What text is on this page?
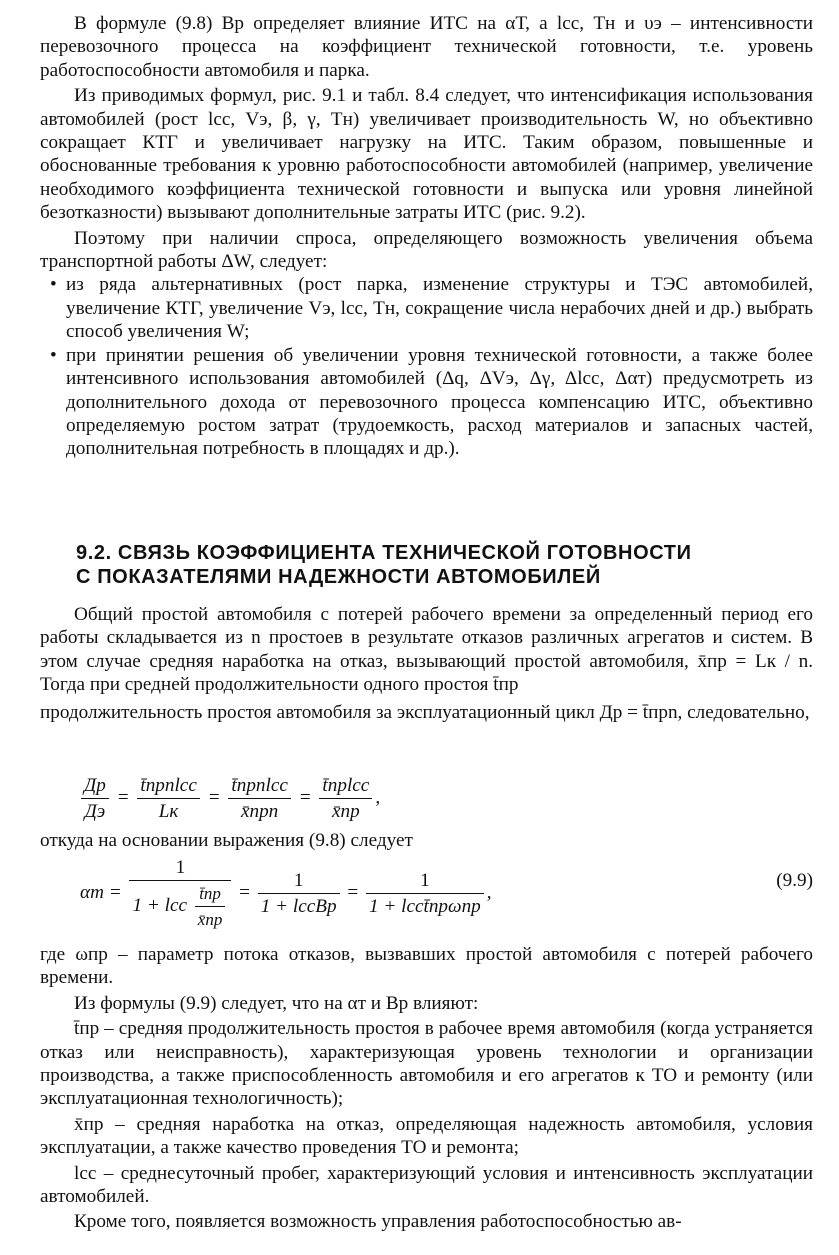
В формуле (9.8) Bр определяет влияние ИТС на αТ, а lсс, Тн и υэ – интенсивности перевозочного процесса на коэффициент технической готовности, т.е. уровень работоспособности автомобиля и парка.

Из приводимых формул, рис. 9.1 и табл. 8.4 следует, что интенсификация использования автомобилей (рост lсс, Vэ, β, γ, Тн) увеличивает производительность W, но объективно сокращает КТГ и увеличивает нагрузку на ИТС. Таким образом, повышенные и обоснованные требования к уровню работоспособности автомобилей (например, увеличение необходимого коэффициента технической готовности и выпуска или уровня линейной безотказности) вызывают дополнительные затраты ИТС (рис. 9.2).

Поэтому при наличии спроса, определяющего возможность увеличения объема транспортной работы ΔW, следует:

• из ряда альтернативных (рост парка, изменение структуры и ТЭС автомобилей, увеличение КТГ, увеличение Vэ, lсс, Тн, сокращение числа нерабочих дней и др.) выбрать способ увеличения W;
• при принятии решения об увеличении уровня технической готовности, а также более интенсивного использования автомобилей (Δq, ΔVэ, Δγ, Δlсс, Δαт) предусмотреть из дополнительного дохода от перевозочного процесса компенсацию ИТС, объективно определяемую ростом затрат (трудоемкость, расход материалов и запасных частей, дополнительная потребность в площадях и др.).
9.2. СВЯЗЬ КОЭФФИЦИЕНТА ТЕХНИЧЕСКОЙ ГОТОВНОСТИ
С ПОКАЗАТЕЛЯМИ НАДЕЖНОСТИ АВТОМОБИЛЕЙ

Общий простой автомобиля с потерей рабочего времени за определенный период его работы складывается из n простоев в результате отказов различных агрегатов и систем. В этом случае средняя наработка на отказ, вызывающий простой автомобиля, x̄пр = Lк / n. Тогда при средней продолжительности одного простоя t̄пр

продолжительность простоя автомобиля за эксплуатационный цикл Др = t̄прn, следовательно,

$\frac{Др}{Дэ} = \frac{\text{t̄прnlсс}}{Lк} = \frac{\text{t̄прnlсс}}{\text{x̄прn}} = \frac{\text{t̄прlсс}}{x̄пр}$ ,

откуда на основании выражения (9.8) следует

$\alpha т = \frac{1}{1 + lсс \frac{t̄пр}{x̄пр}} = \frac{1}{\text{1 + lссBр}} = \frac{1}{\text{1 + lссt̄прωпр}}$ ,
(9.9)

где ωпр – параметр потока отказов, вызвавших простой автомобиля с потерей рабочего времени.

Из формулы (9.9) следует, что на αт и Bр влияют:

t̄пр – средняя продолжительность простоя в рабочее время автомобиля (когда устраняется отказ или неисправность), характеризующая уровень технологии и организации производства, а также приспособленность автомобиля и его агрегатов к ТО и ремонту (или эксплуатационная технологичность);

x̄пр – средняя наработка на отказ, определяющая надежность автомобиля, условия эксплуатации, а также качество проведения ТО и ремонта;

lсс – среднесуточный пробег, характеризующий условия и интенсивность эксплуатации автомобилей.

Кроме того, появляется возможность управления работоспособностью ав-
